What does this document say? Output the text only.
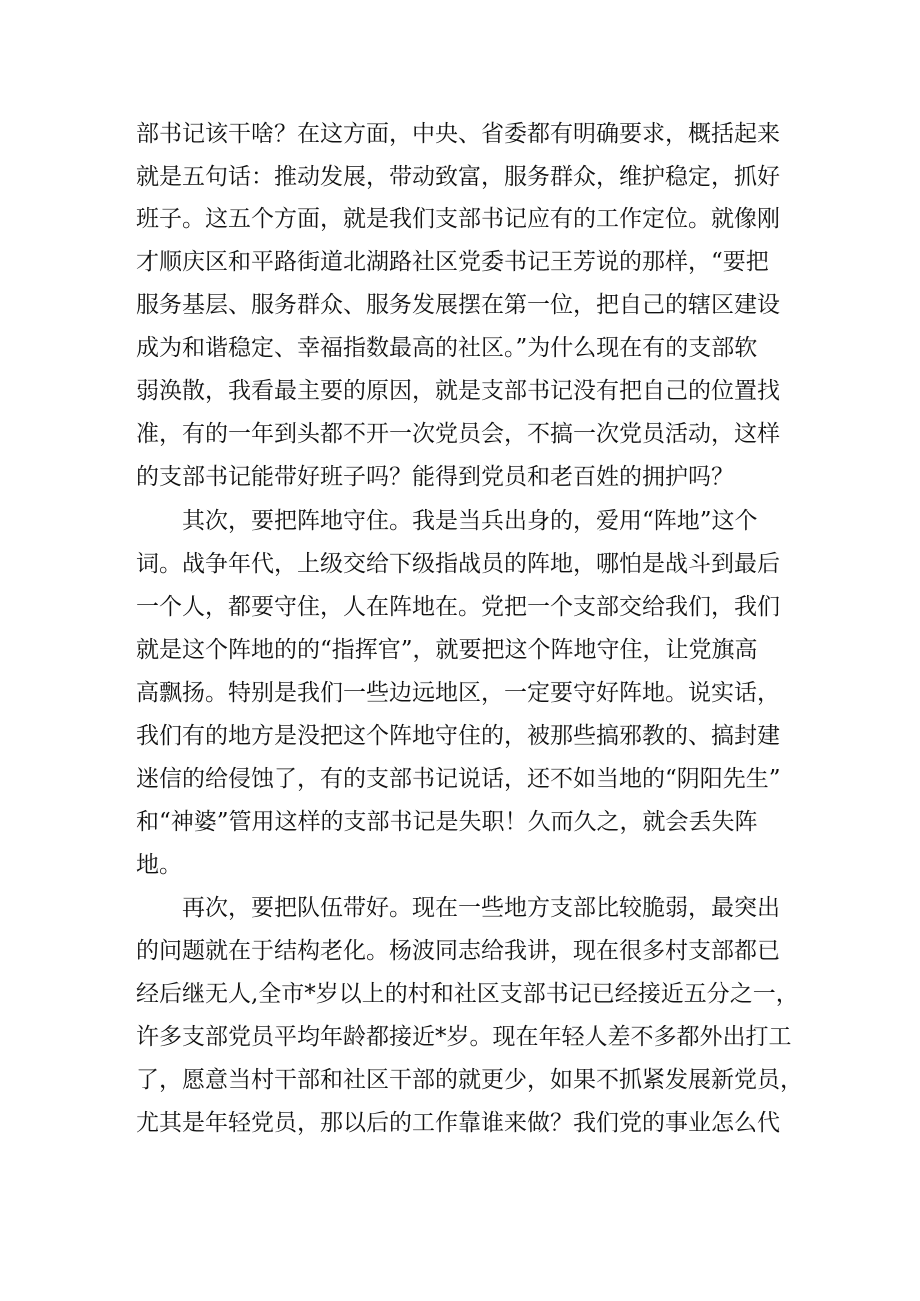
部书记该干啥？在这方面，中央、省委都有明确要求，概括起来
就是五句话：推动发展，带动致富，服务群众，维护稳定，抓好
班子。这五个方面，就是我们支部书记应有的工作定位。就像刚
才顺庆区和平路街道北湖路社区党委书记王芳说的那样，“要把
服务基层、服务群众、服务发展摆在第一位，把自己的辖区建设
成为和谐稳定、幸福指数最高的社区。”为什么现在有的支部软
弱涣散，我看最主要的原因，就是支部书记没有把自己的位置找
准，有的一年到头都不开一次党员会，不搞一次党员活动，这样
的支部书记能带好班子吗？能得到党员和老百姓的拥护吗？
其次，要把阵地守住。我是当兵出身的，爱用“阵地”这个
词。战争年代，上级交给下级指战员的阵地，哪怕是战斗到最后
一个人，都要守住，人在阵地在。党把一个支部交给我们，我们
就是这个阵地的的“指挥官”，就要把这个阵地守住，让党旗高
高飘扬。特别是我们一些边远地区，一定要守好阵地。说实话，
我们有的地方是没把这个阵地守住的，被那些搞邪教的、搞封建
迷信的给侵蚀了，有的支部书记说话，还不如当地的“阴阳先生”
和“神婆”管用这样的支部书记是失职！久而久之，就会丢失阵
地。
再次，要把队伍带好。现在一些地方支部比较脆弱，最突出
的问题就在于结构老化。杨波同志给我讲，现在很多村支部都已
经后继无人,全市*岁以上的村和社区支部书记已经接近五分之一，
许多支部党员平均年龄都接近*岁。现在年轻人差不多都外出打工
了，愿意当村干部和社区干部的就更少，如果不抓紧发展新党员，
尤其是年轻党员，那以后的工作靠谁来做？我们党的事业怎么代
